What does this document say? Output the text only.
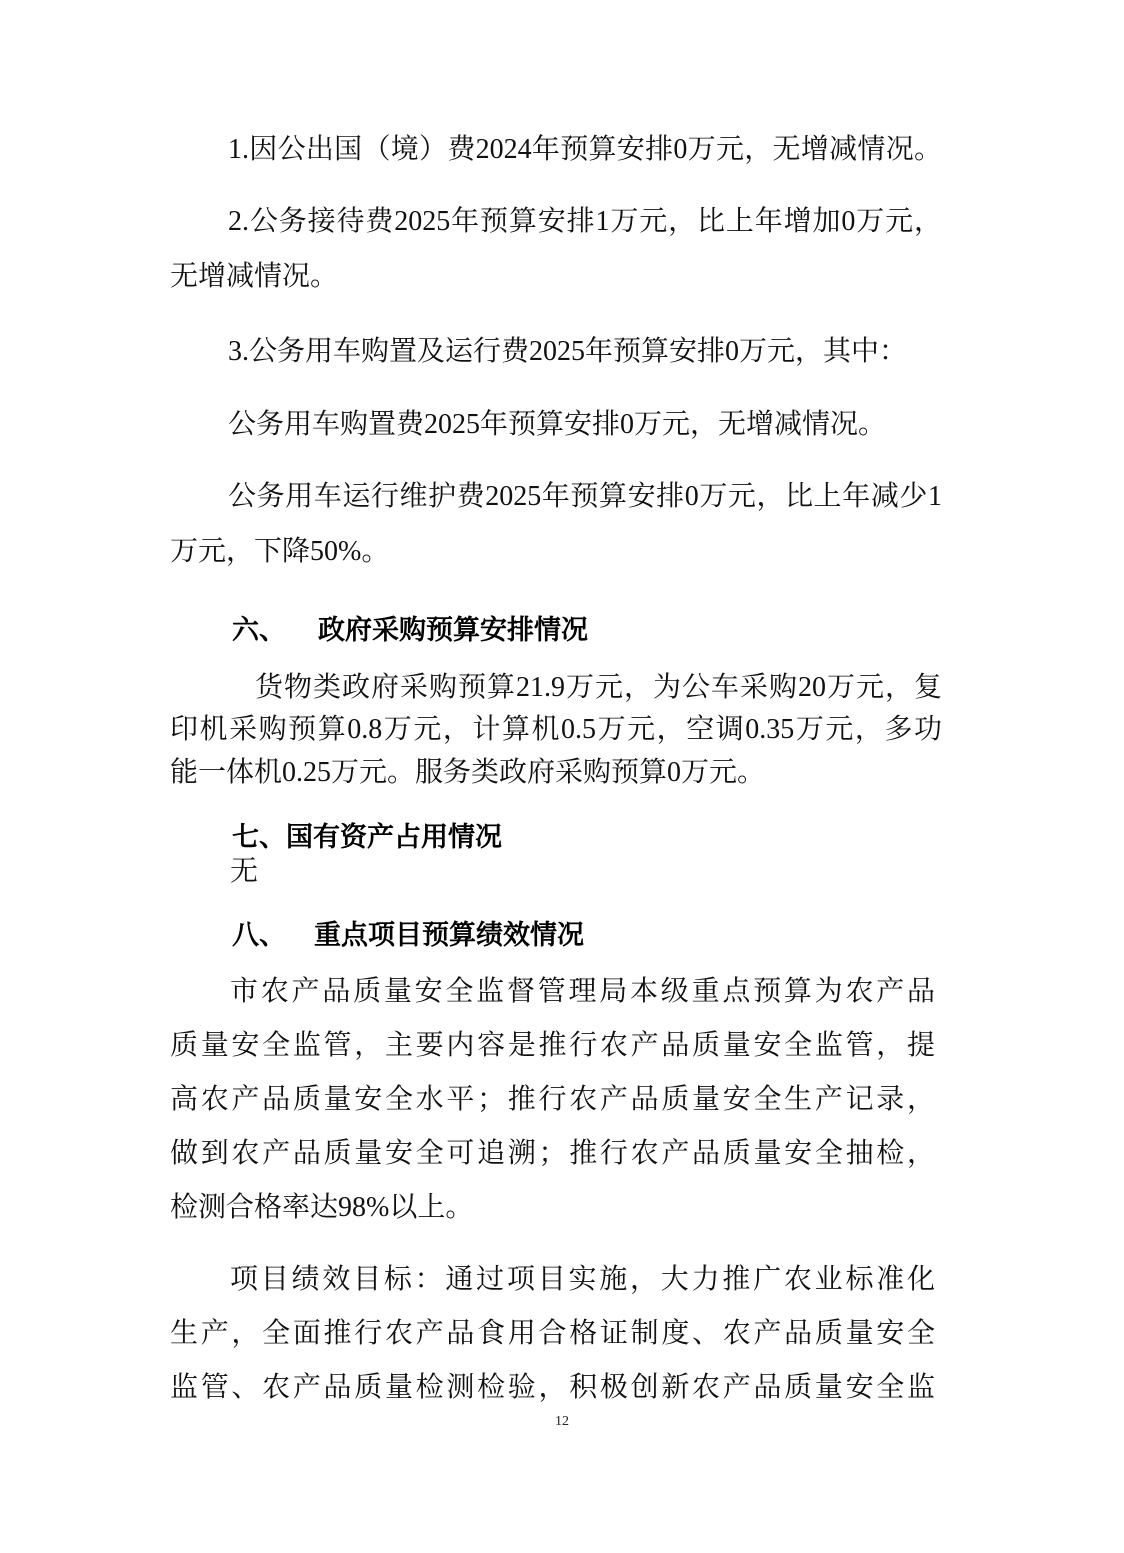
1.因公出国（境）费2024年预算安排0万元，无增减情况。
2.公务接待费2025年预算安排1万元，比上年增加0万元，
无增减情况。
3.公务用车购置及运行费2025年预算安排0万元，其中：
公务用车购置费2025年预算安排0万元，无增减情况。
公务用车运行维护费2025年预算安排0万元，比上年减少1
万元，下降50%。
六、 政府采购预算安排情况
货物类政府采购预算21.9万元，为公车采购20万元，复
印机采购预算0.8万元，计算机0.5万元，空调0.35万元，多功
能一体机0.25万元。服务类政府采购预算0万元。
七、国有资产占用情况
无
八、 重点项目预算绩效情况
市农产品质量安全监督管理局本级重点预算为农产品
质量安全监管，主要内容是推行农产品质量安全监管，提
高农产品质量安全水平；推行农产品质量安全生产记录，
做到农产品质量安全可追溯；推行农产品质量安全抽检，
检测合格率达98%以上。
项目绩效目标：通过项目实施，大力推广农业标准化
生产，全面推行农产品食用合格证制度、农产品质量安全
监管、农产品质量检测检验，积极创新农产品质量安全监
12
